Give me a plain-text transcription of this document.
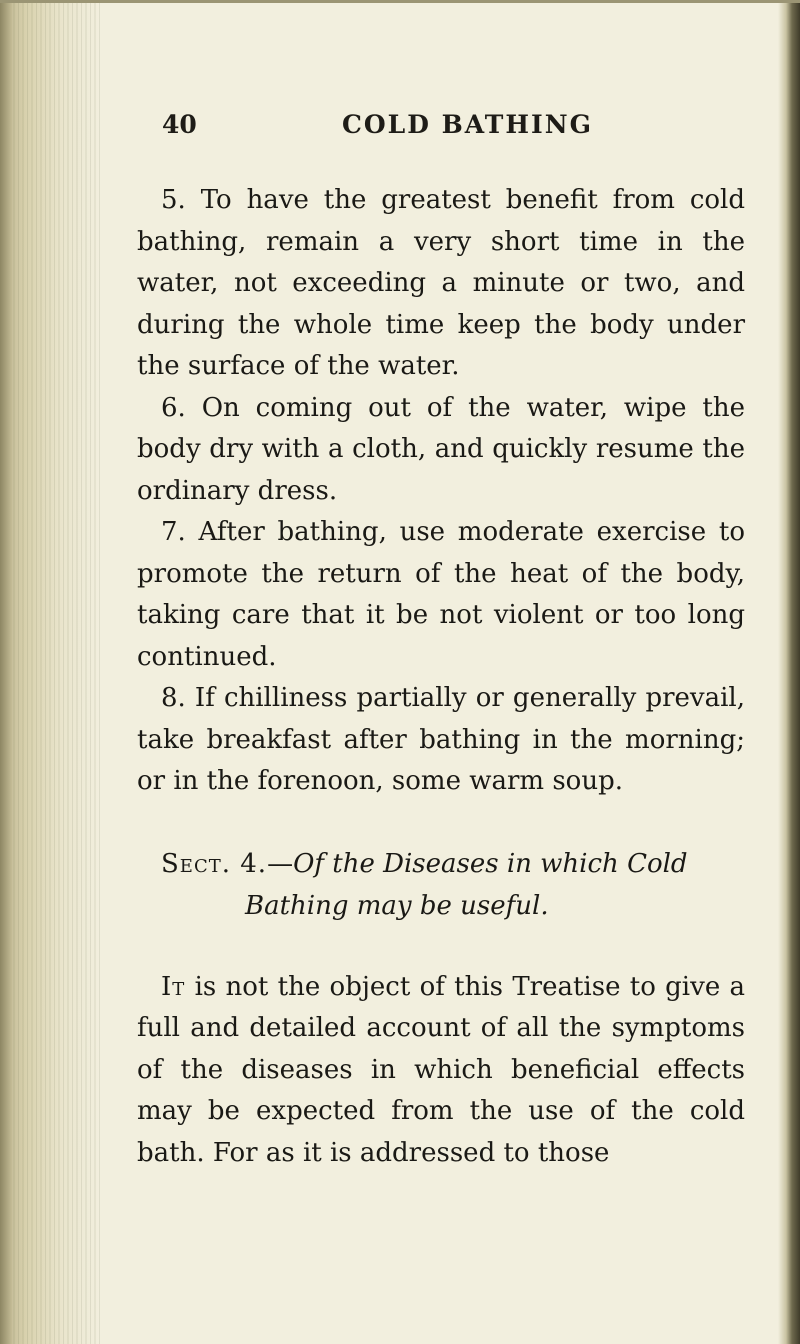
40	COLD BATHING

5. To have the greatest benefit from cold bathing, remain a very short time in the water, not exceeding a minute or two, and during the whole time keep the body under the surface of the water.

6. On coming out of the water, wipe the body dry with a cloth, and quickly resume the ordinary dress.

7. After bathing, use moderate exercise to promote the return of the heat of the body, taking care that it be not violent or too long continued.

8. If chilliness partially or generally prevail, take breakfast after bathing in the morning; or in the forenoon, some warm soup.

Sect. 4.—Of the Diseases in which Cold
Bathing may be useful.

It is not the object of this Treatise to give a full and detailed account of all the symptoms of the diseases in which beneficial effects may be expected from the use of the cold bath. For as it is addressed to those
